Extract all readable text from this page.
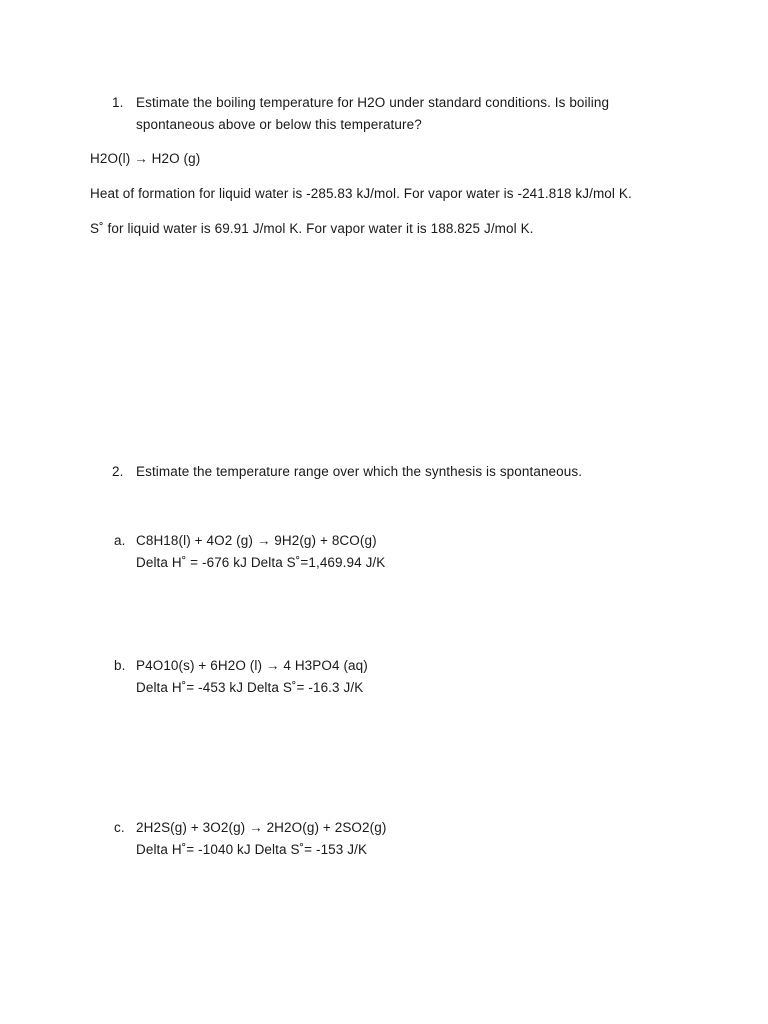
1. Estimate the boiling temperature for H2O under standard conditions. Is boiling
spontaneous above or below this temperature?
H2O(l) → H2O (g)
Heat of formation for liquid water is -285.83 kJ/mol. For vapor water is -241.818 kJ/mol K.
S˚ for liquid water is 69.91 J/mol K. For vapor water it is 188.825 J/mol K.
2. Estimate the temperature range over which the synthesis is spontaneous.
a. C8H18(l) + 4O2 (g) → 9H2(g) + 8CO(g)
Delta H˚ = -676 kJ Delta S˚=1,469.94 J/K
b. P4O10(s) + 6H2O (l) → 4 H3PO4 (aq)
Delta H˚= -453 kJ Delta S˚= -16.3 J/K
c. 2H2S(g) + 3O2(g) → 2H2O(g) + 2SO2(g)
Delta H˚= -1040 kJ Delta S˚= -153 J/K
